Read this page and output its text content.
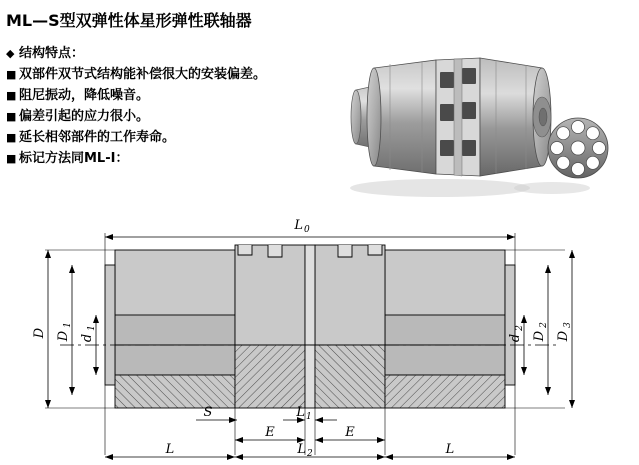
ML—S型双弹性体星形弹性联轴器
◆ 结构特点：
■ 双部件双节式结构能补偿很大的安装偏差。
■ 阻尼振动，降低噪音。
■ 偏差引起的应力很小。
■ 延长相邻部件的工作寿命。
■ 标记方法同ML-Ⅰ：
L 0
D D
1
d
1
d
2
D
2
D
3
S	L 1
E	E
L	L 2	L
